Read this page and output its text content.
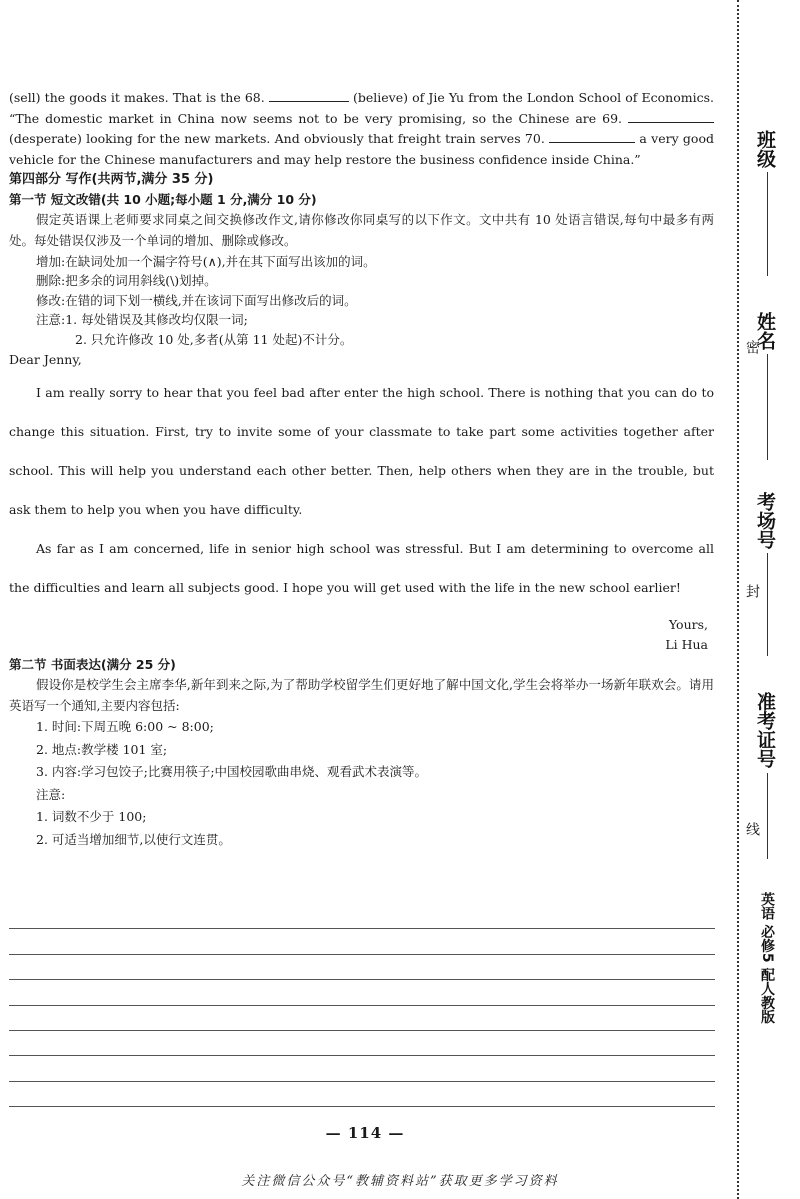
(sell) the goods it makes. That is the 68.	(believe) of Jie Yu from the London School of Economics. “The domestic market in China now seems not to be very promising, so the Chinese are 69.  (desperate) looking for the new markets. And obviously that freight train serves 70.	a very good vehicle for the Chinese manufacturers and may help restore the business confidence inside China.”

第四部分 写作(共两节,满分 35 分)

第一节 短文改错(共 10 小题;每小题 1 分,满分 10 分)

假定英语课上老师要求同桌之间交换修改作文,请你修改你同桌写的以下作文。文中共有 10 处语言错误,每句中最多有两处。每处错误仅涉及一个单词的增加、删除或修改。

增加:在缺词处加一个漏字符号(∧),并在其下面写出该加的词。

删除:把多余的词用斜线(\)划掉。

修改:在错的词下划一横线,并在该词下面写出修改后的词。

注意:1. 每处错误及其修改均仅限一词;

2. 只允许修改 10 处,多者(从第 11 处起)不计分。

Dear Jenny,

I am really sorry to hear that you feel bad after enter the high school. There is nothing that you can do to change this situation. First, try to invite some of your classmate to take part some activities together after school. This will help you understand each other better. Then, help others when they are in the trouble, but ask them to help you when you have difficulty.

As far as I am concerned, life in senior high school was stressful. But I am determining to overcome all the difficulties and learn all subjects good. I hope you will get used with the life in the new school earlier!

Yours,

Li Hua

第二节 书面表达(满分 25 分)

假设你是校学生会主席李华,新年到来之际,为了帮助学校留学生们更好地了解中国文化,学生会将举办一场新年联欢会。请用英语写一个通知,主要内容包括:

1. 时间:下周五晚 6:00 ~ 8:00;

2. 地点:教学楼 101 室;

3. 内容:学习包饺子;比赛用筷子;中国校园歌曲串烧、观看武术表演等。

注意:

1. 词数不少于 100;

2. 可适当增加细节,以使行文连贯。

— 114 —
关注微信公众号“教辅资料站”获取更多学习资料
班级
姓名
考场号
准考证号
密
封
线
英语 必修5 配人教版
